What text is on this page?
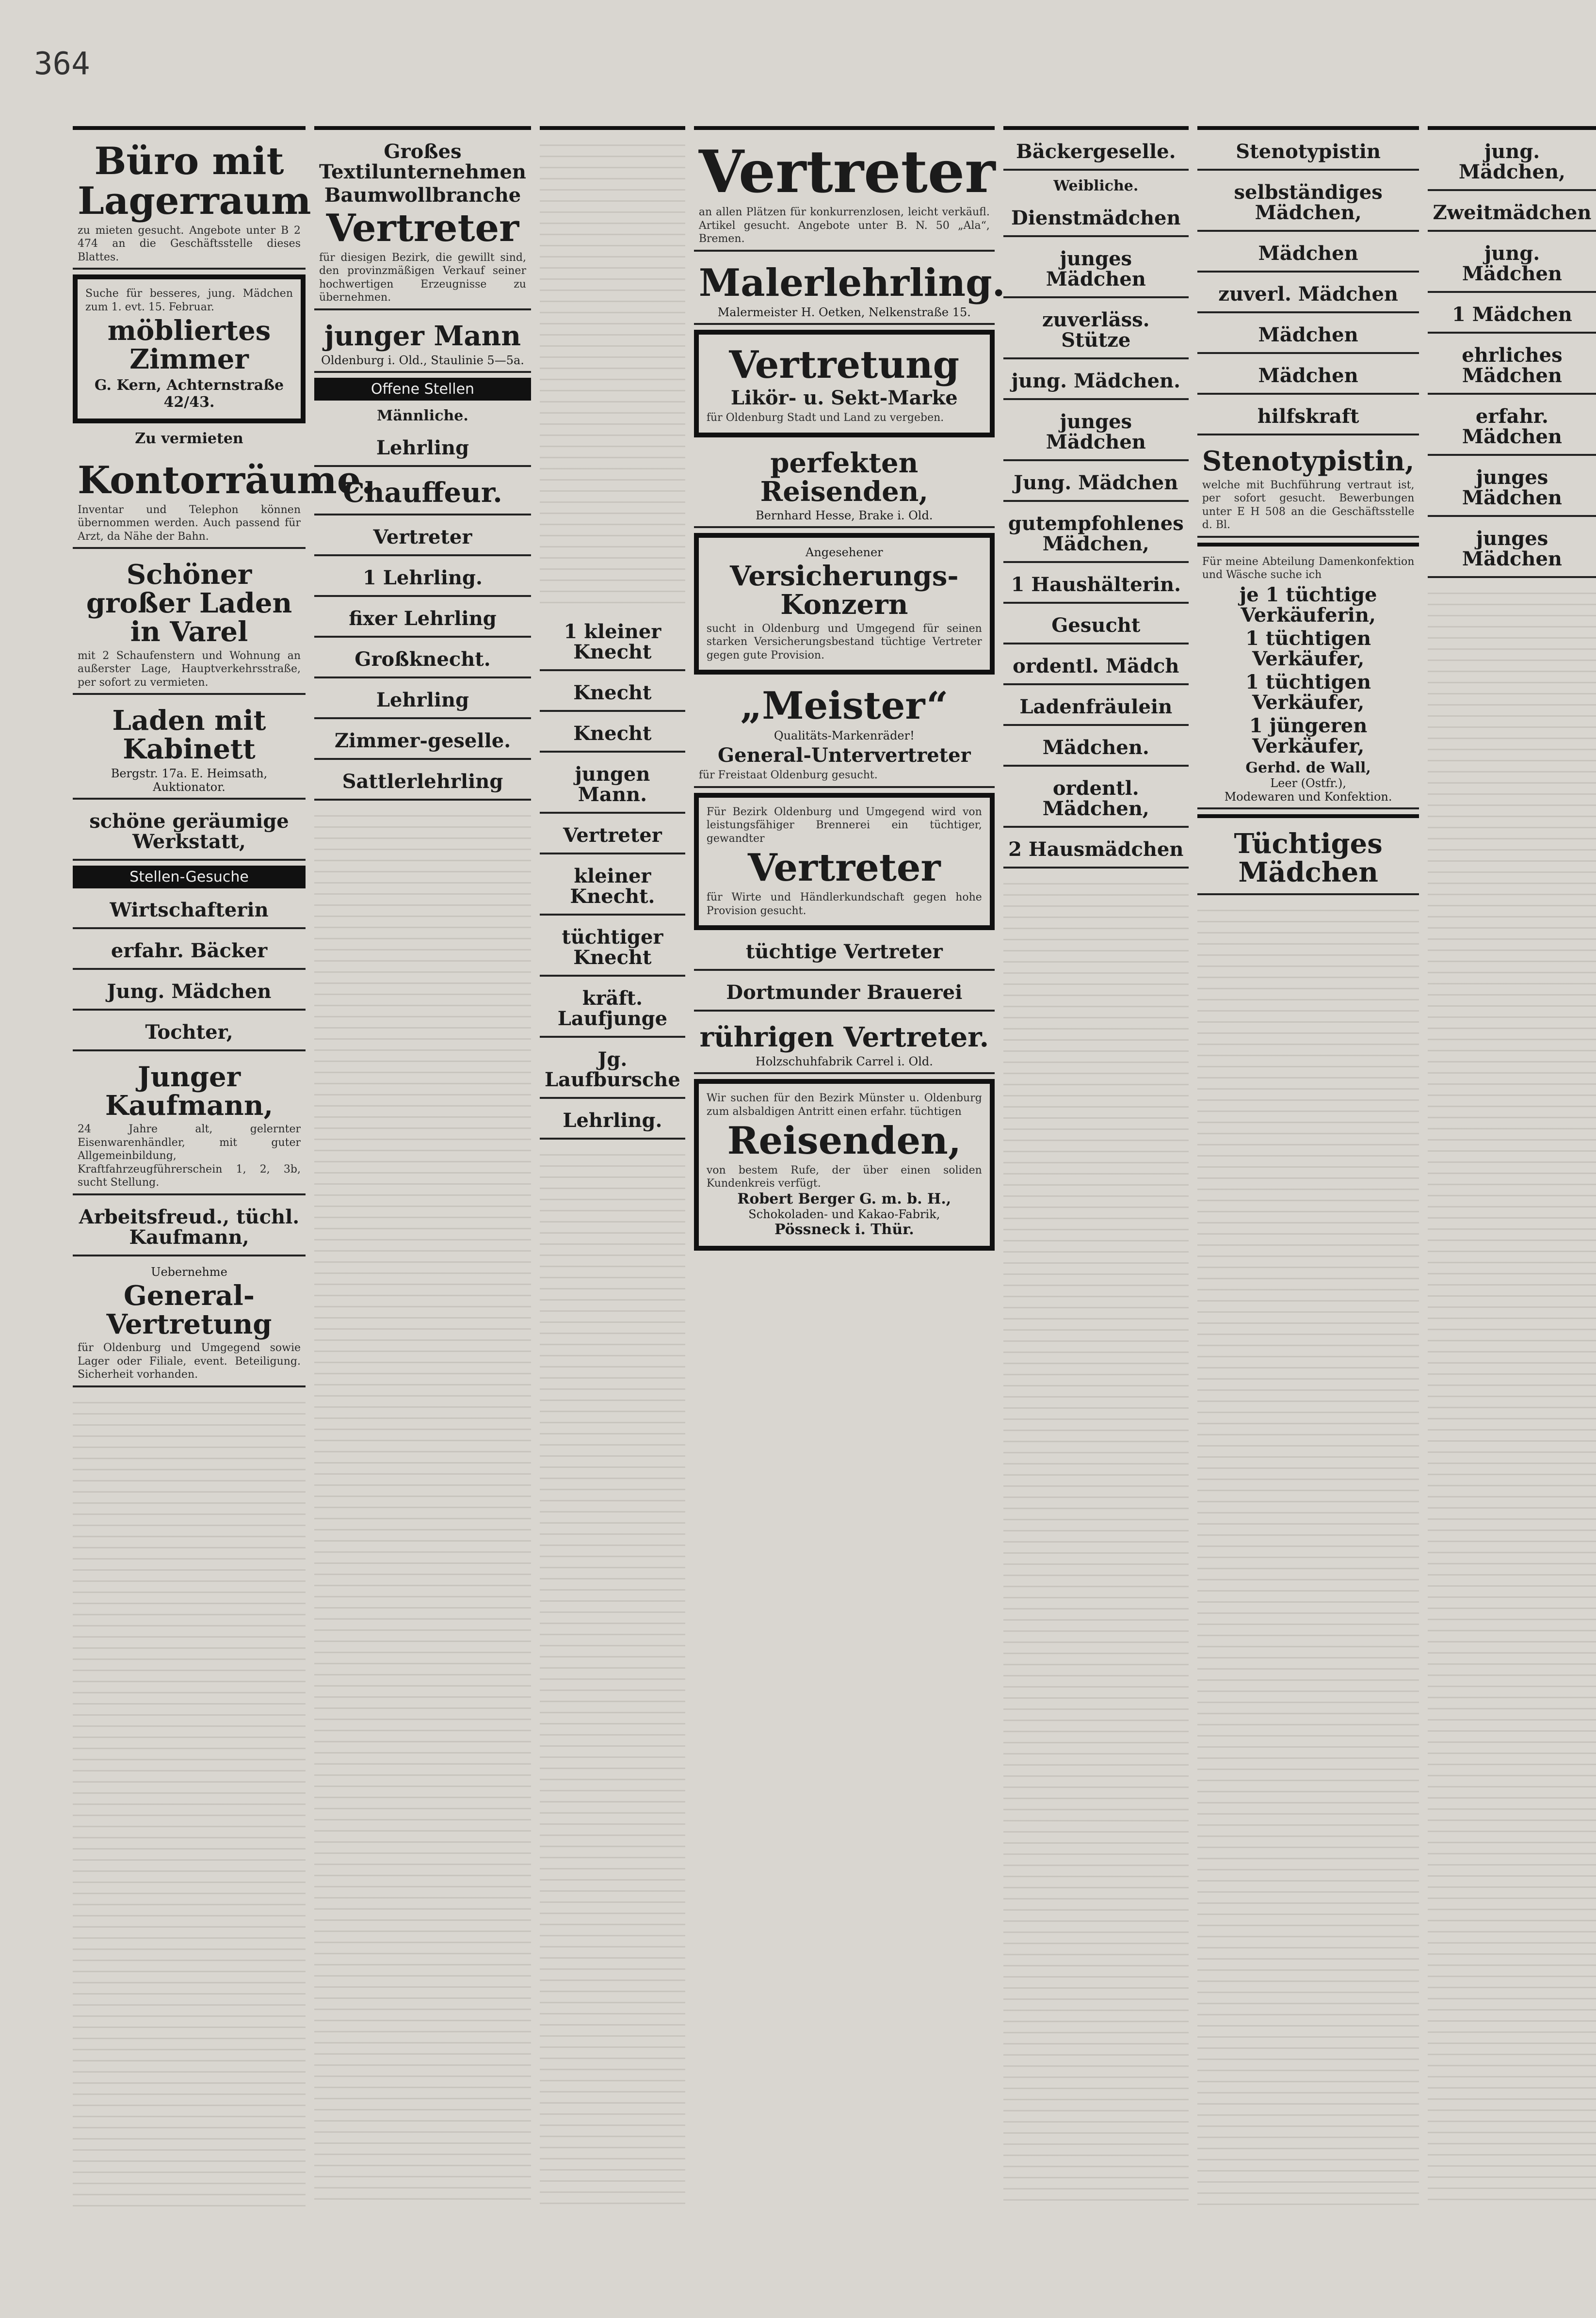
364
Büro mit Lagerraum
zu mieten gesucht. Angebote unter B 2 474 an die Geschäftsstelle dieses Blattes.
Suche für besseres, jung. Mädchen zum 1. evt. 15. Februar.
möbliertes Zimmer
G. Kern, Achternstraße 42/43.
Zu vermieten
Kontorräume.
Inventar und Telephon können übernommen werden. Auch passend für Arzt, da Nähe der Bahn.
Schöner großer Laden in Varel
mit 2 Schaufenstern und Wohnung an außerster Lage, Hauptverkehrsstraße, per sofort zu vermieten.
Laden mit Kabinett
Bergstr. 17a. E. Heimsath, Auktionator.
schöne geräumige Werkstatt,
Stellen-Gesuche
Wirtschafterin
erfahr. Bäcker
Jung. Mädchen
Tochter,
Junger Kaufmann,
24 Jahre alt, gelernter Eisenwarenhändler, mit guter Allgemeinbildung, Kraftfahrzeugführerschein 1, 2, 3b, sucht Stellung.
Arbeitsfreud., tüchl. Kaufmann,
Uebernehme
General-Vertretung
für Oldenburg und Umgegend sowie Lager oder Filiale, event. Beteiligung. Sicherheit vorhanden.
Großes Textilunternehmen
Baumwollbranche
Vertreter
für diesigen Bezirk, die gewillt sind, den provinzmäßigen Verkauf seiner hochwertigen Erzeugnisse zu übernehmen.
junger Mann
Oldenburg i. Old., Staulinie 5—5a.
Offene Stellen
Männliche.
Lehrling
Chauffeur.
Vertreter
1 Lehrling.
fixer Lehrling
Großknecht.
Lehrling
Zimmer-gesellе.
Sattlerlehrling
1 kleiner Knecht
Knecht
Knecht
jungen Mann.
Vertreter
kleiner Knecht.
tüchtiger Knecht
kräft. Laufjunge
Jg. Laufbursche
Lehrling.
Vertreter
an allen Plätzen für konkurrenzlosen, leicht verkäufl. Artikel gesucht. Angebote unter B. N. 50 „Ala“, Bremen.
Malerlehrling.
Malermeister H. Oetken, Nelkenstraße 15.
Vertretung
Likör- u. Sekt-Marke
für Oldenburg Stadt und Land zu vergeben.
perfekten Reisenden,
Bernhard Hesse, Brake i. Old.
Angesehener
Versicherungs-Konzern
sucht in Oldenburg und Umgegend für seinen starken Versicherungsbestand tüchtige Vertreter gegen gute Provision.
„Meister“
Qualitäts-Markenräder!
General-Untervertreter
für Freistaat Oldenburg gesucht.
Für Bezirk Oldenburg und Umgegend wird von leistungsfähiger Brennerei ein tüchtiger, gewandter
Vertreter
für Wirte und Händlerkundschaft gegen hohe Provision gesucht.
tüchtige Vertreter
Dortmunder Brauerei
rührigen Vertreter.
Holzschuhfabrik Carrel i. Old.
Wir suchen für den Bezirk Münster u. Oldenburg zum alsbaldigen Antritt einen erfahr. tüchtigen
Reisenden,
von bestem Rufe, der über einen soliden Kundenkreis verfügt.
Robert Berger G. m. b. H.,
Schokoladen- und Kakao-Fabrik,
Pössneck i. Thür.
Bäckergeselle.
Weibliche.
Dienstmädchen
junges Mädchen
zuverläss. Stütze
jung. Mädchen.
junges Mädchen
Jung. Mädchen
gutempfohlenes Mädchen,
1 Haushälterin.
Gesucht
ordentl. Mädch
Ladenfräulein
Mädchen.
ordentl. Mädchen,
2 Hausmädchen
Stenotypistin
selbständiges Mädchen,
Mädchen
zuverl. Mädchen
Mädchen
Mädchen
hilfskraft
Stenotypistin,
welche mit Buchführung vertraut ist, per sofort gesucht. Bewerbungen unter E H 508 an die Geschäftsstelle d. Bl.
Für meine Abteilung Damenkonfektion und Wäsche suche ich
je 1 tüchtige Verkäuferin,
1 tüchtigen Verkäufer,
1 tüchtigen Verkäufer,
1 jüngeren Verkäufer,
Gerhd. de Wall,
Leer (Ostfr.),
Modewaren und Konfektion.
Tüchtiges Mädchen
jung. Mädchen,
Zweitmädchen
jung. Mädchen
1 Mädchen
ehrliches Mädchen
erfahr. Mädchen
junges Mädchen
junges Mädchen
